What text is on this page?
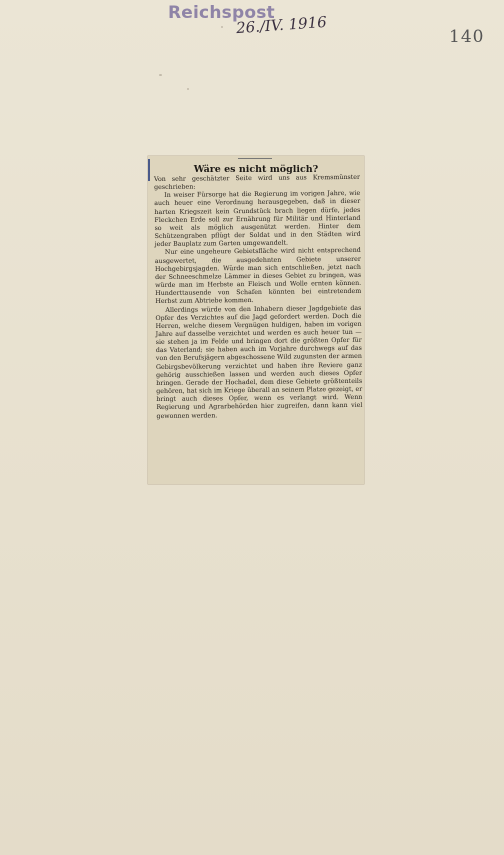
Reichspost
26./IV. 1916	140
Wäre es nicht möglich?

Von sehr geschätzter Seite wird uns aus Kremsmünster geschrieben:

In weiser Fürsorge hat die Regierung im vorigen Jahre, wie auch heuer eine Verordnung herausgegeben, daß in dieser harten Kriegszeit kein Grundstück brach liegen dürfe, jedes Fleckchen Erde soll zur Ernährung für Militär und Hinterland so weit als möglich ausgenützt werden. Hinter dem Schützengraben pflügt der Soldat und in den Städten wird jeder Bauplatz zum Garten umgewandelt.

Nur eine ungeheure Gebietsfläche wird nicht entsprechend ausgewertet, die ausgedehnten Gebiete unserer Hochgebirgsjagden. Würde man sich entschließen, jetzt nach der Schneeschmelze Lämmer in dieses Gebiet zu bringen, was würde man im Herbste an Fleisch und Wolle ernten können. Hunderttausende von Schafen könnten bei eintretendem Herbst zum Abtriebe kommen.

Allerdings würde von den Inhabern dieser Jagdgebiete das Opfer des Verzichtes auf die Jagd gefordert werden. Doch die Herren, welche diesem Vergnügen huldigen, haben im vorigen Jahre auf dasselbe verzichtet und werden es auch heuer tun — sie stehen ja im Felde und bringen dort die größten Opfer für das Vaterland; sie haben auch im Vorjahre durchwegs auf das von den Berufsjägern abgeschossene Wild zugunsten der armen Gebirgsbevölkerung verzichtet und haben ihre Reviere ganz gehörig ausschießen lassen und werden auch dieses Opfer bringen. Gerade der Hochadel, dem diese Gebiete größtenteils gehören, hat sich im Kriege überall an seinem Platze gezeigt, er bringt auch dieses Opfer, wenn es verlangt wird. Wenn Regierung und Agrarbehörden hier zugreifen, dann kann viel gewonnen werden.
